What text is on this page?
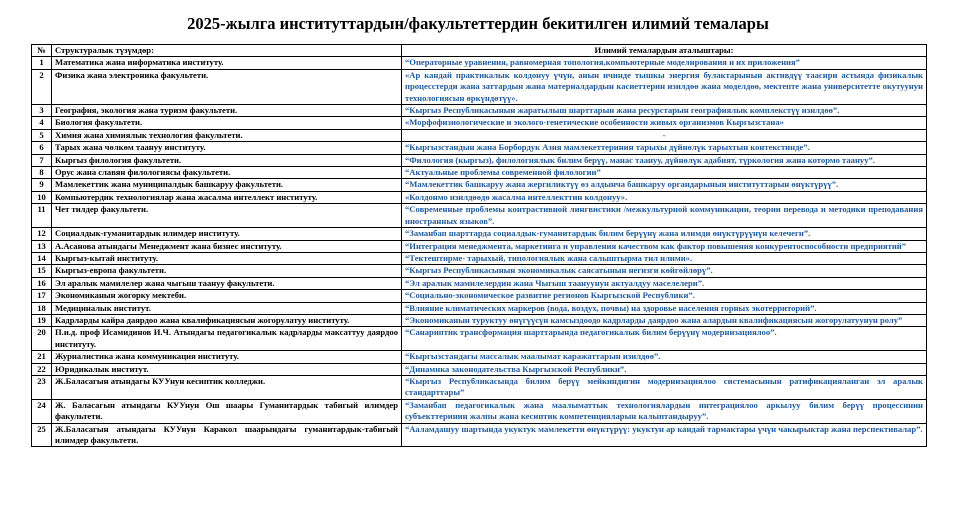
2025-жылга институттардын/факультеттердин бекитилген илимий темалары
№	Структуралык түзүмдөр:	Илимий темалардын аталыштары:
1	Математика жана информатика институту.	“Операторные уравнения, равномерная топология,компьютерные моделирования и их приложения”
2	Физика жана электроника факультети.	«Ар кандай практикалык колдонуу үчүн, анын ичинде тышкы энергия булактарынын активдүү таасири астында физикалык процесстерди жана заттардын жана материалдардын касиеттерин изилдөө жана моделдөө, мектепте жана университетте окутуунун технологиясын өркүндөтүү».
3	География, экология жана туризм факультети.	“Кыргыз Республикасынын жаратылыш шарттарын жана ресурстарын географиялык комплекстүү изилдөө”.
4	Биология факультети.	«Морфофизиологические и эколого-генетические особенности живых организмов Кыргызстана»
5	Химия жана химиялык технология факультети.	-
6	Тарых жана чөлкөм таануу институту.	“Кыргызстандын жана Борбордук Азия мамлекеттеринин тарыхы дүйнөлүк тарыхтын контекстинде”.
7	Кыргыз филология факультети.	“Филология (кыргыз), филологиялык билим берүү, манас таануу, дүйнөлүк адабият, түркология жана котормо таануу”.
8	Орус жана славян филологиясы факультети.	“Актуальные проблемы современной филологии”
9	Мамлекеттик жана муниципалдык башкаруу факультети.	“Мамлекеттик башкаруу жана жергиликтүү өз алдынча башкаруу органдарынын институттарын өнүктүрүү”.
10	Компьютердик технологиялар жана жасалма интеллект институту.	«Колдонмо изилдөөдө жасалма интеллекттин колдонуу».
11	Чет тилдер факультети.	“Современные проблемы контрастивной лингвистики /межкультурной коммуникации, теории перевода и методики преподавания иностранных языков”.
12	Социалдык-гуманитардык илимдер институту.	“Заманбап шарттарда социалдык-гуманитардык билим берүүнү жана илимди өнүктүрүүнүн келечеги”.
13	А.Асанова атындагы Менеджмент жана бизнес институту.	“Интеграция менеджмента, маркетинга и управления качеством как фактор повышения конкурентоспособности предприятий”
14	Кыргыз-кытай институту.	“Тектештирме- тарыхый, типологиялык жана салыштырма тил илими».
15	Кыргыз-европа факультети.	“Кыргыз Республикасынын экономикалык саясатынын негизги көйгөйлөрү”.
16	Эл аралык мамилелер жана чыгыш таануу факультети.	“Эл аралык мамилелердин жана Чыгыш таануунун актуалдуу маселелери”.
17	Экономиканын жогорку мектеби.	“Социально-экономическое развитие регионов Кыргызской Республики”.
18	Медициналык институт.	“Влияние климатических маркеров (вода, воздух, почвы) на здоровье населения горных экотерриторий”.
19	Кадрларды кайра даярдоо жана квалификациясын жогорулатуу институту.	“Экономиканын туруктуу өнүгүүсүн камсыздоодо кадрларды даярдоо жана алардын квалификациясын жогорулатуунун ролу”
20	П.и.д. проф Исамидинов И.Ч. Атындагы педагогикалык кадрларды максаттуу даярдоо институту.	“Санариптик трансформация шарттарында педагогикалык билим берүүнү модернизациялоо”.
21	Журналистика жана коммуникация институту.	“Кыргызстандагы массалык маалымат каражаттарын изилдөө”.
22	Юридикалык институт.	“Динамика законодательства Кыргызской Республики”.
23	Ж.Баласагын атындагы КУУнун кесиптик колледжи.	“Кыргыз Республикасында билим берүү мейкиндигин модернизациялоо системасынын ратификацияланган эл аралык стандарттары”
24	Ж. Баласагын атындагы КУУнун Ош шаары Гуманитардык табигый илимдер факультети.	“Заманбап педагогикалык жана маалыматтык технологиялардын интеграциялоо аркылуу билим берүү процессинин субъекттеринин жалпы жана кесиптик компетенцияларын калыптандыруу”.
25	Ж.Баласагын атындагы КУУнун Каракол шаарындагы гуманитардык-табигый илимдер факультети.	“Ааламдашуу шартында укуктук мамлекетти өнүктүрүү: укуктун ар кандай тармактары үчүн чакырыктар жана перспективалар”.
